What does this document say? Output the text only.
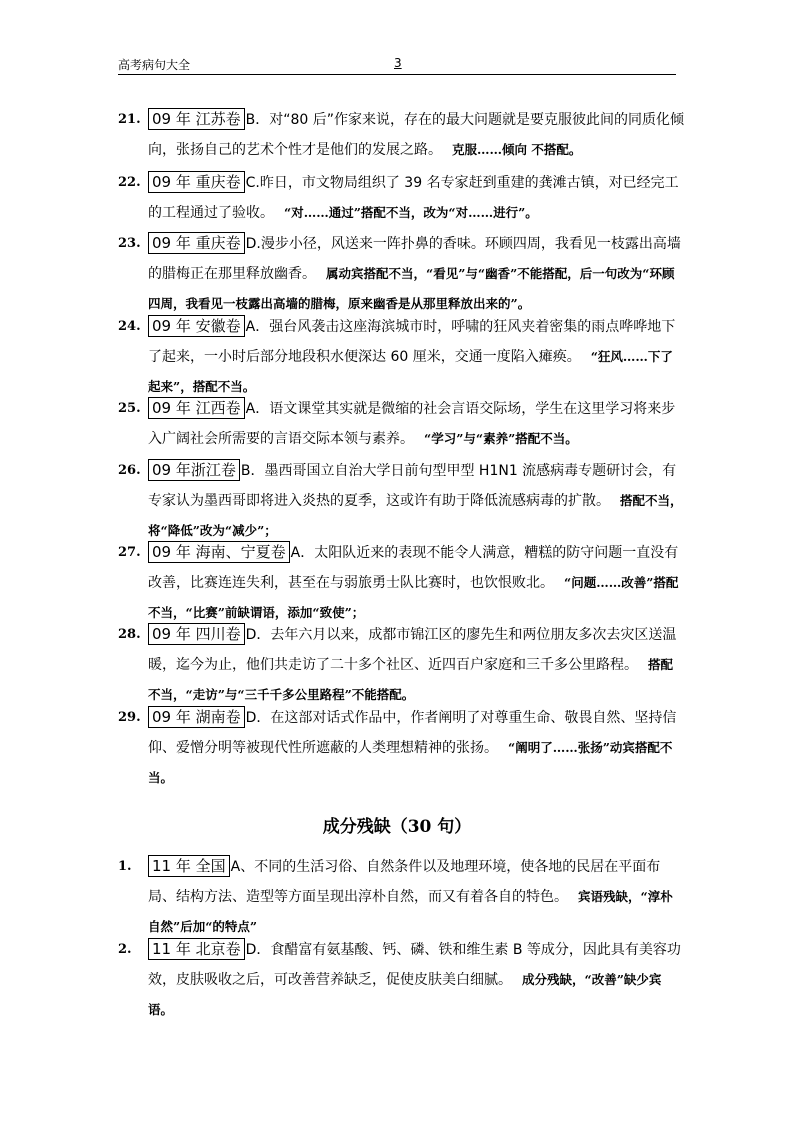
高考病句大全	3
21. 09 年 江苏卷 B．对“80 后”作家来说，存在的最大问题就是要克服彼此间的同质化倾向，张扬自己的艺术个性才是他们的发展之路。 克服……倾向 不搭配。
22. 09 年 重庆卷 C.昨日，市文物局组织了 39 名专家赶到重建的龚滩古镇，对已经完工的工程通过了验收。 “对……通过”搭配不当，改为“对……进行”。
23. 09 年 重庆卷 D.漫步小径，风送来一阵扑鼻的香味。环顾四周，我看见一枝露出高墙的腊梅正在那里释放幽香。 属动宾搭配不当，“看见”与“幽香”不能搭配，后一句改为“环顾四周，我看见一枝露出高墙的腊梅，原来幽香是从那里释放出来的”。
24. 09 年 安徽卷 A．强台风袭击这座海滨城市时，呼啸的狂风夹着密集的雨点哗哗地下了起来，一小时后部分地段积水便深达 60 厘米，交通一度陷入瘫痪。 “狂风……下了起来”，搭配不当。
25. 09 年 江西卷 A．语文课堂其实就是微缩的社会言语交际场，学生在这里学习将来步入广阔社会所需要的言语交际本领与素养。 “学习”与“素养”搭配不当。
26. 09 年浙江卷 B．墨西哥国立自治大学日前句型甲型 H1N1 流感病毒专题研讨会，有专家认为墨西哥即将进入炎热的夏季，这或许有助于降低流感病毒的扩散。 搭配不当，将“降低”改为“减少”；
27. 09 年 海南、宁夏卷 A．太阳队近来的表现不能令人满意，糟糕的防守问题一直没有改善，比赛连连失利，甚至在与弱旅勇士队比赛时，也饮恨败北。 “问题……改善”搭配不当，“比赛”前缺谓语，添加“致使”；
28. 09 年 四川卷 D．去年六月以来，成都市锦江区的廖先生和两位朋友多次去灾区送温暖，迄今为止，他们共走访了二十多个社区、近四百户家庭和三千多公里路程。 搭配不当，“走访”与“三千千多公里路程”不能搭配。
29. 09 年 湖南卷 D．在这部对话式作品中，作者阐明了对尊重生命、敬畏自然、坚持信仰、爱憎分明等被现代性所遮蔽的人类理想精神的张扬。 “阐明了……张扬”动宾搭配不当。
成分残缺（30 句）
1. 11 年 全国 A、不同的生活习俗、自然条件以及地理环境，使各地的民居在平面布局、结构方法、造型等方面呈现出淳朴自然，而又有着各自的特色。 宾语残缺，“淳朴自然”后加“的特点”
2. 11 年 北京卷 D．食醋富有氨基酸、钙、磷、铁和维生素 B 等成分，因此具有美容功效，皮肤吸收之后，可改善营养缺乏，促使皮肤美白细腻。 成分残缺，“改善”缺少宾语。
